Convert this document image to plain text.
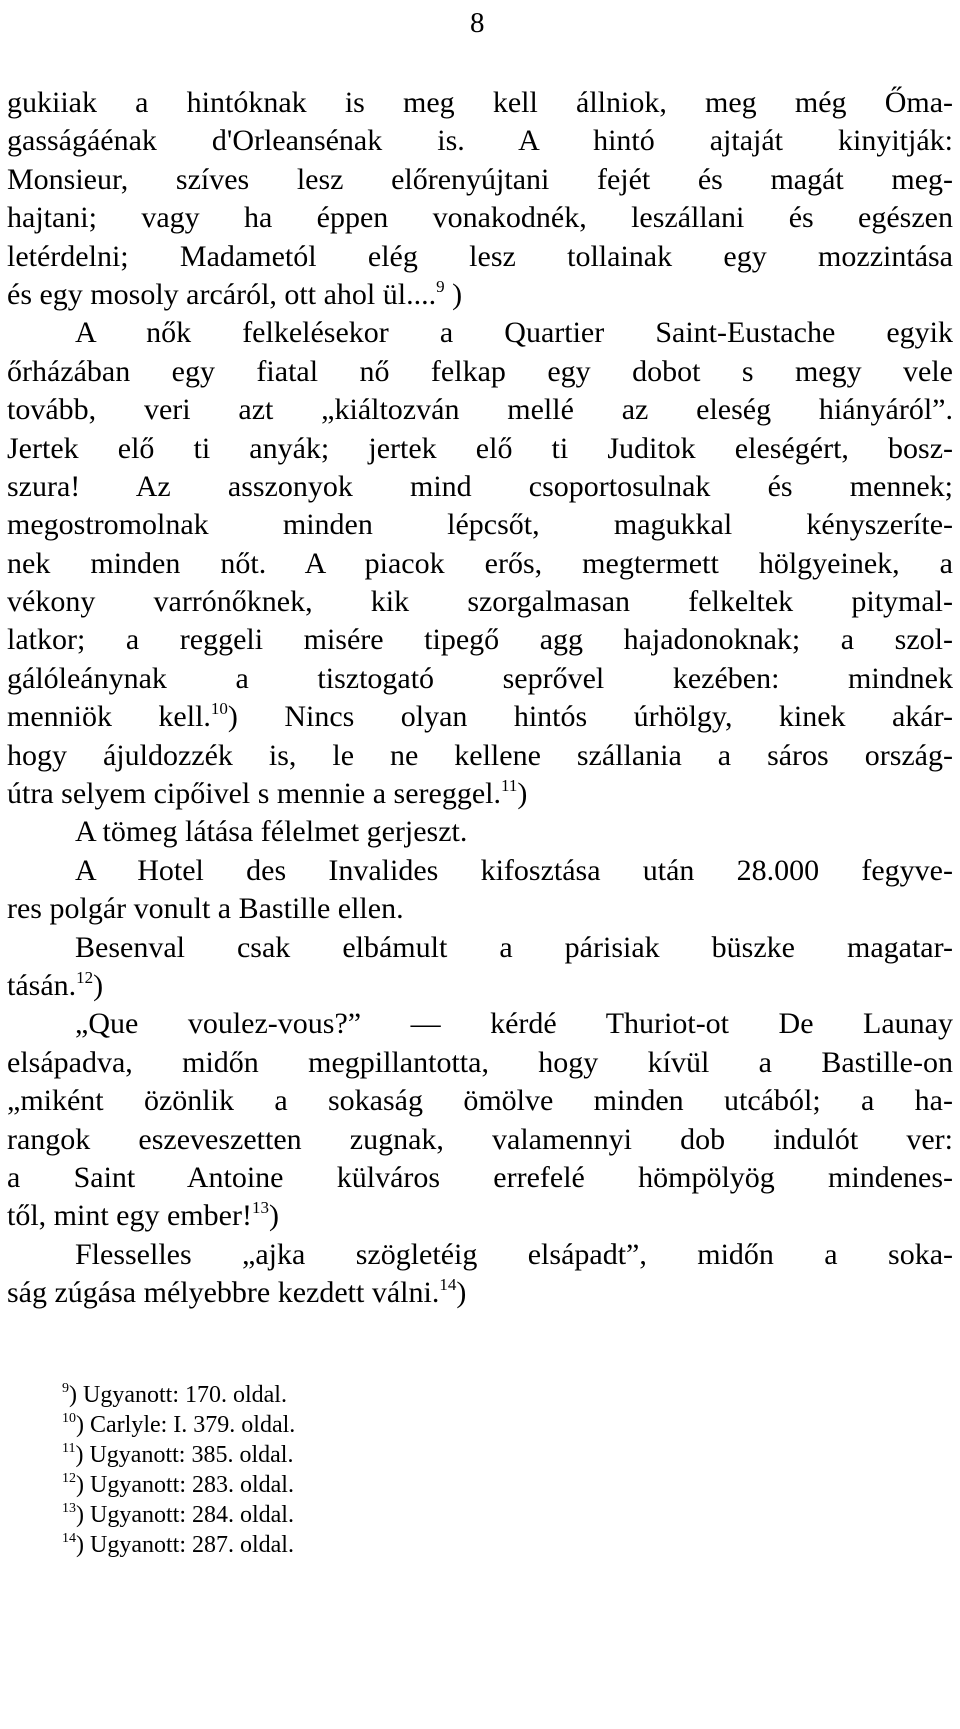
8
gukiiak a hintóknak is meg kell állniok, meg még Őma-
gasságáénak d'Orleansénak is. A hintó ajtaját kinyitják:
Monsieur, szíves lesz előrenyújtani fejét és magát meg-
hajtani; vagy ha éppen vonakodnék, leszállani és egészen
letérdelni; Madametól elég lesz tollainak egy mozzintása
és egy mosoly arcáról, ott ahol ül....$^9$ )
A nők felkelésekor a Quartier Saint-Eustache egyik
őrházában egy fiatal nő felkap egy dobot s megy vele
tovább, veri azt „kiáltozván mellé az eleség hiányáról”.
Jertek elő ti anyák; jertek elő ti Juditok eleségért, bosz-
szura! Az asszonyok mind csoportosulnak és mennek;
megostromolnak minden lépcsőt, magukkal kényszeríte-
nek minden nőt. A piacok erős, megtermett hölgyeinek, a
vékony varrónőknek, kik szorgalmasan felkeltek pitymal-
latkor; a reggeli misére tipegő agg hajadonoknak; a szol-
gálóleánynak a tisztogató seprővel kezében: mindnek
menniök kell.$^{10}$) Nincs olyan hintós úrhölgy, kinek akár-
hogy ájuldozzék is, le ne kellene szállania a sáros ország-
útra selyem cipőivel s mennie a sereggel.$^{11}$)
A tömeg látása félelmet gerjeszt.
A Hotel des Invalides kifosztása után 28.000 fegyve-
res polgár vonult a Bastille ellen.
Besenval csak elbámult a párisiak büszke magatar-
tásán.$^{12}$)
„Que voulez-vous?” — kérdé Thuriot-ot De Launay
elsápadva, midőn megpillantotta, hogy kívül a Bastille-on
„miként özönlik a sokaság ömölve minden utcából; a ha-
rangok eszeveszetten zugnak, valamennyi dob indulót ver:
a Saint Antoine külváros errefelé hömpölyög mindenes-
től, mint egy ember!$^{13}$)
Flesselles „ajka szögletéig elsápadt”, midőn a soka-
ság zúgása mélyebbre kezdett válni.$^{14}$)
$^9$) Ugyanott: 170. oldal.
$^{10}$) Carlyle: I. 379. oldal.
$^{11}$) Ugyanott: 385. oldal.
$^{12}$) Ugyanott: 283. oldal.
$^{13}$) Ugyanott: 284. oldal.
$^{14}$) Ugyanott: 287. oldal.
